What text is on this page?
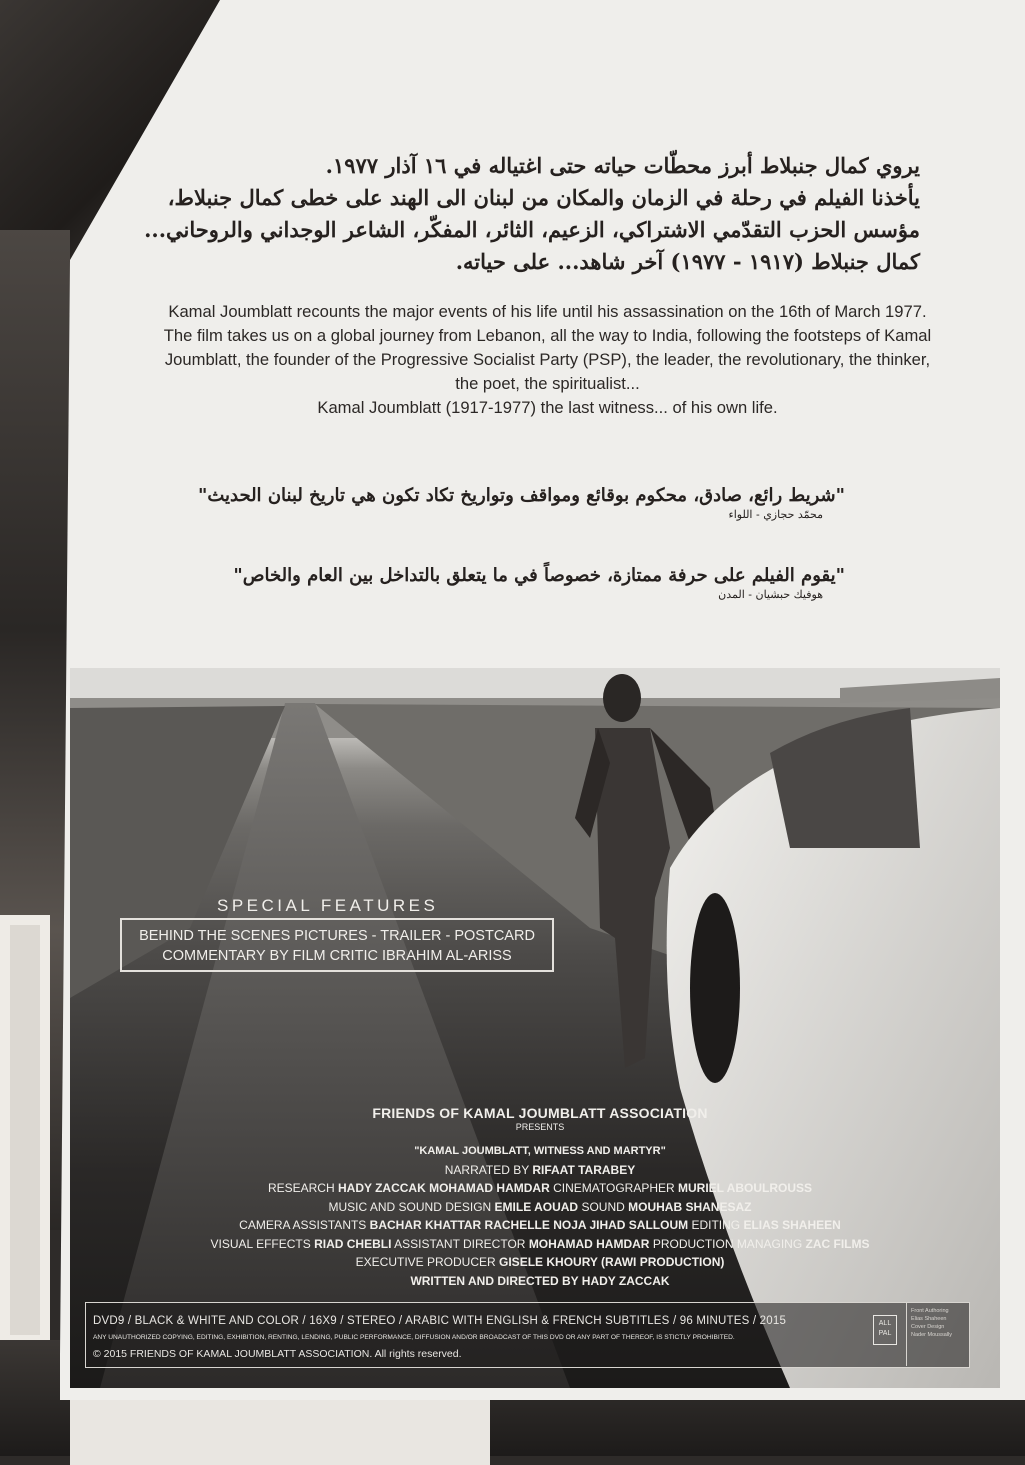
يروي كمال جنبلاط أبرز محطّات حياته حتى اغتياله في ١٦ آذار ١٩٧٧.
يأخذنا الفيلم في رحلة في الزمان والمكان من لبنان الى الهند على خطى كمال جنبلاط،
مؤسس الحزب التقدّمي الاشتراكي، الزعيم، الثائر، المفكّر، الشاعر الوجداني والروحاني...
كمال جنبلاط (١٩١٧ - ١٩٧٧) آخر شاهد... على حياته.
Kamal Joumblatt recounts the major events of his life until his assassination on the 16th of March 1977.
The film takes us on a global journey from Lebanon, all the way to India, following the footsteps of Kamal
Joumblatt, the founder of the Progressive Socialist Party (PSP), the leader, the revolutionary, the thinker,
the poet, the spiritualist...
Kamal Joumblatt (1917-1977) the last witness... of his own life.
"شريط رائع، صادق، محكوم بوقائع ومواقف وتواريخ تكاد تكون هي تاريخ لبنان الحديث"
محمّد حجازي - اللواء
"يقوم الفيلم على حرفة ممتازة، خصوصاً في ما يتعلق بالتداخل بين العام والخاص"
هوفيك حبشيان - المدن
SPECIAL FEATURES
BEHIND THE SCENES PICTURES - TRAILER - POSTCARD
COMMENTARY BY FILM CRITIC IBRAHIM AL-ARISS
FRIENDS OF KAMAL JOUMBLATT ASSOCIATION
PRESENTS
"KAMAL JOUMBLATT, WITNESS AND MARTYR"
NARRATED BY RIFAAT TARABEY
RESEARCH HADY ZACCAK MOHAMAD HAMDAR CINEMATOGRAPHER MURIEL ABOULROUSS
MUSIC AND SOUND DESIGN EMILE AOUAD SOUND MOUHAB SHANESAZ
CAMERA ASSISTANTS BACHAR KHATTAR RACHELLE NOJA JIHAD SALLOUM EDITING ELIAS SHAHEEN
VISUAL EFFECTS RIAD CHEBLI ASSISTANT DIRECTOR MOHAMAD HAMDAR PRODUCTION MANAGING ZAC FILMS
EXECUTIVE PRODUCER GISELE KHOURY (RAWI PRODUCTION)
WRITTEN AND DIRECTED BY HADY ZACCAK
DVD9 / BLACK & WHITE AND COLOR / 16X9 / STEREO / ARABIC WITH ENGLISH & FRENCH SUBTITLES / 96 MINUTES / 2015
ANY UNAUTHORIZED COPYING, EDITING, EXHIBITION, RENTING, LENDING, PUBLIC PERFORMANCE, DIFFUSION AND/OR BROADCAST OF THIS DVD OR ANY PART OF THEREOF, IS STICTLY PROHIBITED.
© 2015 FRIENDS OF KAMAL JOUMBLATT ASSOCIATION. All rights reserved.
ALL
PAL
Front Authoring
Elias Shaheen
Cover Design
Nader Moussally
